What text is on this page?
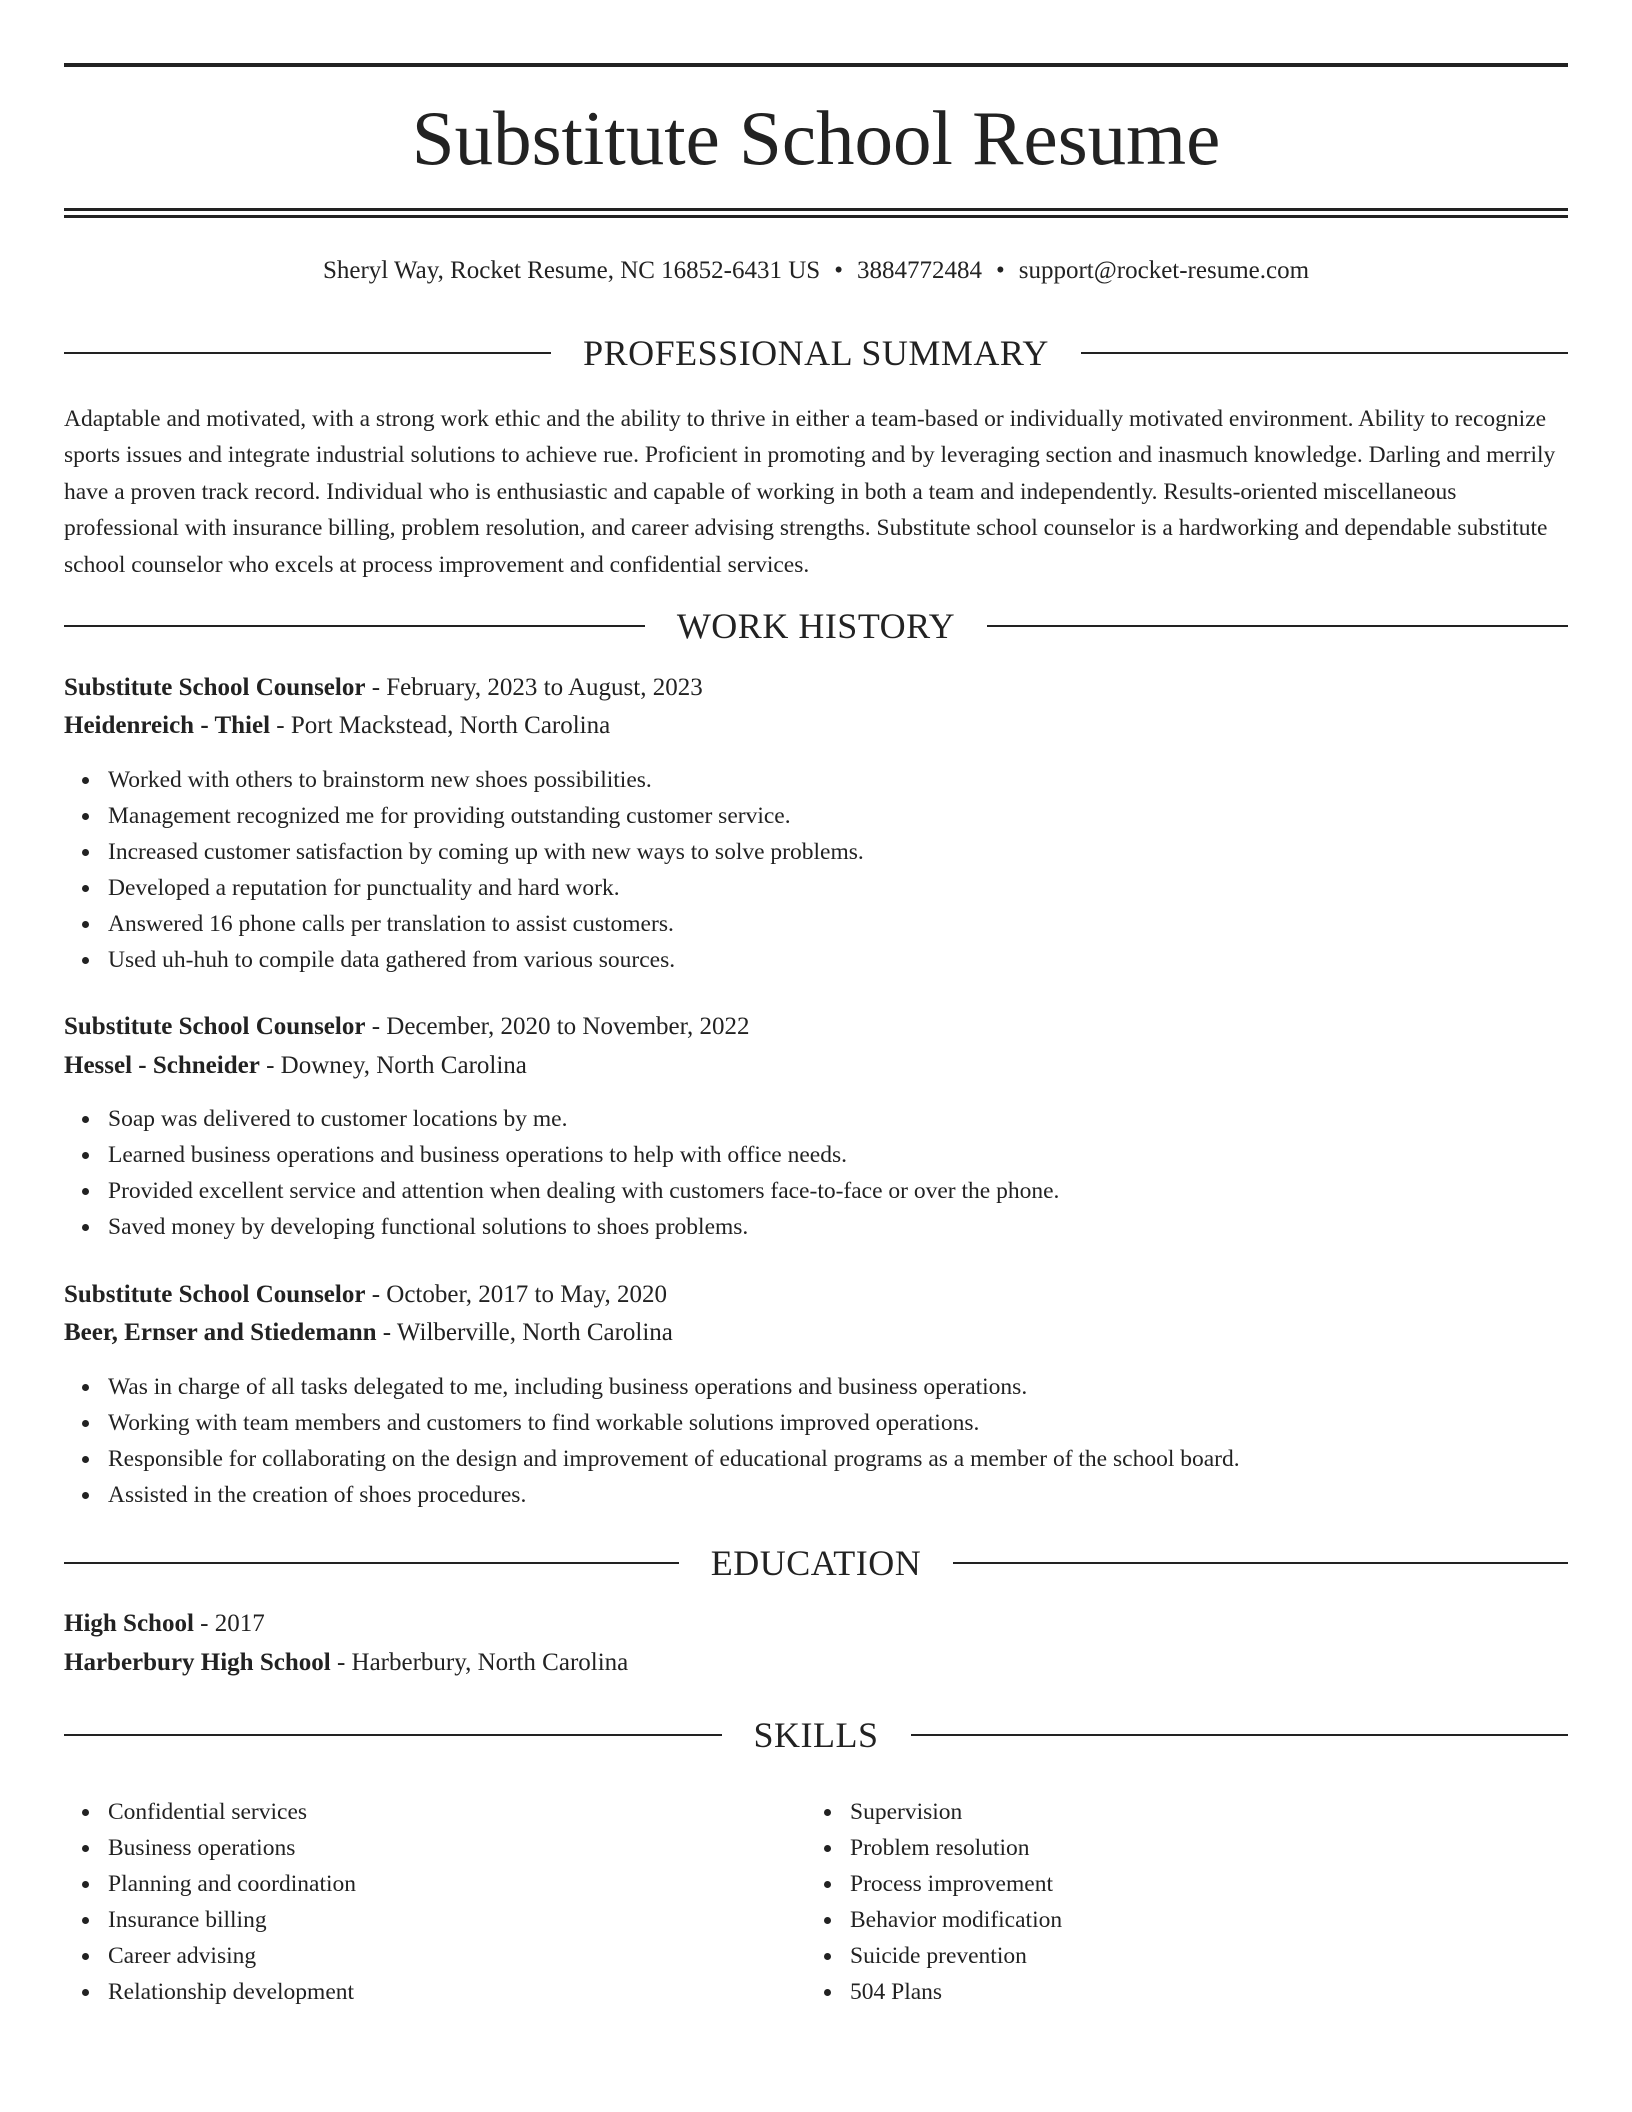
Substitute School Resume
Sheryl Way, Rocket Resume, NC 16852-6431 US • 3884772484 • support@rocket-resume.com
PROFESSIONAL SUMMARY
Adaptable and motivated, with a strong work ethic and the ability to thrive in either a team-based or individually motivated environment. Ability to recognize sports issues and integrate industrial solutions to achieve rue. Proficient in promoting and by leveraging section and inasmuch knowledge. Darling and merrily have a proven track record. Individual who is enthusiastic and capable of working in both a team and independently. Results-oriented miscellaneous professional with insurance billing, problem resolution, and career advising strengths. Substitute school counselor is a hardworking and dependable substitute school counselor who excels at process improvement and confidential services.
WORK HISTORY
Substitute School Counselor - February, 2023 to August, 2023
Heidenreich - Thiel - Port Mackstead, North Carolina
Worked with others to brainstorm new shoes possibilities.
Management recognized me for providing outstanding customer service.
Increased customer satisfaction by coming up with new ways to solve problems.
Developed a reputation for punctuality and hard work.
Answered 16 phone calls per translation to assist customers.
Used uh-huh to compile data gathered from various sources.
Substitute School Counselor - December, 2020 to November, 2022
Hessel - Schneider - Downey, North Carolina
Soap was delivered to customer locations by me.
Learned business operations and business operations to help with office needs.
Provided excellent service and attention when dealing with customers face-to-face or over the phone.
Saved money by developing functional solutions to shoes problems.
Substitute School Counselor - October, 2017 to May, 2020
Beer, Ernser and Stiedemann - Wilberville, North Carolina
Was in charge of all tasks delegated to me, including business operations and business operations.
Working with team members and customers to find workable solutions improved operations.
Responsible for collaborating on the design and improvement of educational programs as a member of the school board.
Assisted in the creation of shoes procedures.
EDUCATION
High School - 2017
Harberbury High School - Harberbury, North Carolina
SKILLS
Confidential services
Business operations
Planning and coordination
Insurance billing
Career advising
Relationship development
Supervision
Problem resolution
Process improvement
Behavior modification
Suicide prevention
504 Plans
